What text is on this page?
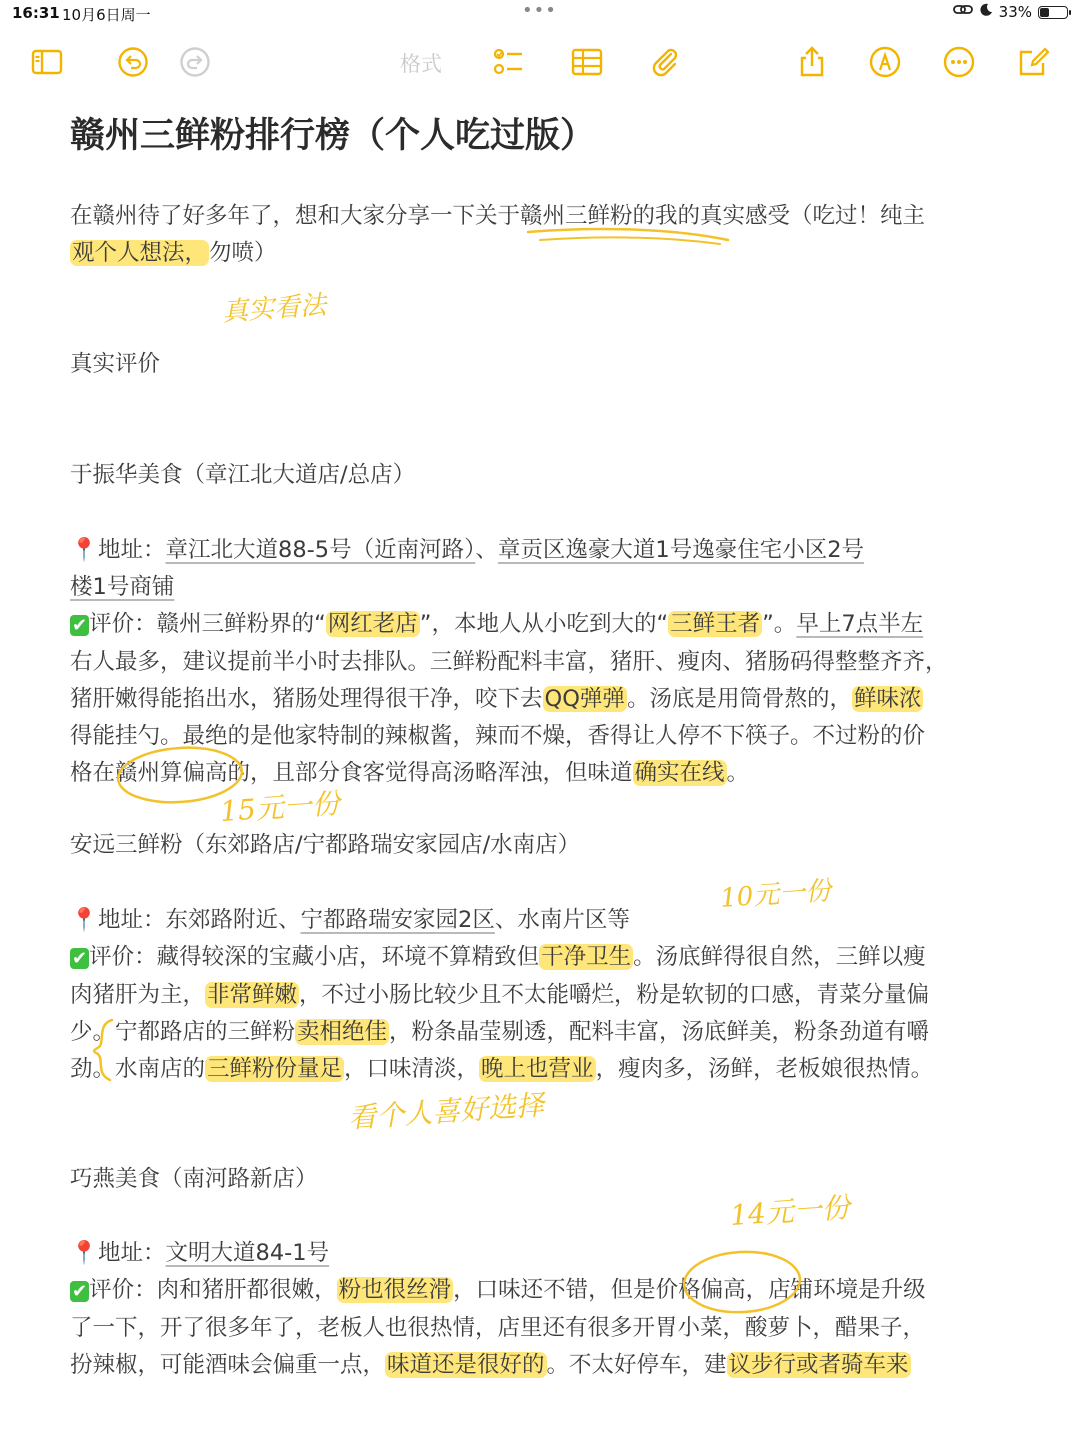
16:31 10月6日周一	•••	33%
格式
赣州三鲜粉排行榜（个人吃过版）
在赣州待了好多年了，想和大家分享一下关于赣州三鲜粉的我的真实感受（吃过！纯主
观个人想法，勿喷）
真实看法
真实评价
于振华美食（章江北大道店/总店）
📍地址：章江北大道88-5号（近南河路）、章贡区逸豪大道1号逸豪住宅小区2号
楼1号商铺
✔评价：赣州三鲜粉界的“网红老店”，本地人从小吃到大的“三鲜王者”。早上7点半左
右人最多，建议提前半小时去排队。三鲜粉配料丰富，猪肝、瘦肉、猪肠码得整整齐齐，
猪肝嫩得能掐出水，猪肠处理得很干净，咬下去QQ弹弹。汤底是用筒骨熬的，鲜味浓
得能挂勺。最绝的是他家特制的辣椒酱，辣而不燥，香得让人停不下筷子。不过粉的价
格在赣州算偏高的，且部分食客觉得高汤略浑浊，但味道确实在线。
15元一份
安远三鲜粉（东郊路店/宁都路瑞安家园店/水南店）
10元一份
📍地址：东郊路附近、宁都路瑞安家园2区、水南片区等
✔评价：藏得较深的宝藏小店，环境不算精致但干净卫生。汤底鲜得很自然，三鲜以瘦
肉猪肝为主，非常鲜嫩，不过小肠比较少且不太能嚼烂，粉是软韧的口感，青菜分量偏
少。宁都路店的三鲜粉卖相绝佳，粉条晶莹剔透，配料丰富，汤底鲜美，粉条劲道有嚼
劲。水南店的三鲜粉份量足，口味清淡，晚上也营业，瘦肉多，汤鲜，老板娘很热情。
看个人喜好选择
巧燕美食（南河路新店）
14元一份
📍地址：文明大道84-1号
✔评价：肉和猪肝都很嫩，粉也很丝滑，口味还不错，但是价格偏高，店铺环境是升级
了一下，开了很多年了，老板人也很热情，店里还有很多开胃小菜，酸萝卜，醋果子，
扮辣椒，可能酒味会偏重一点，味道还是很好的。不太好停车，建议步行或者骑车来
